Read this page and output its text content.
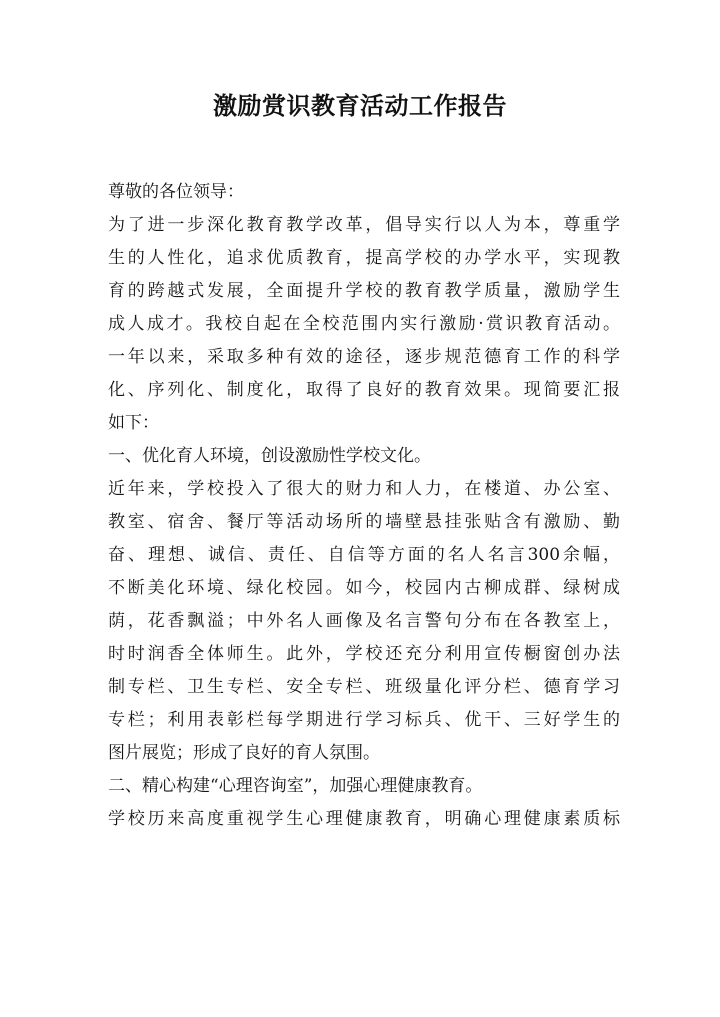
激励赏识教育活动工作报告
尊敬的各位领导：
为了进一步深化教育教学改革，倡导实行以人为本，尊重学
生的人性化，追求优质教育，提高学校的办学水平，实现教
育的跨越式发展，全面提升学校的教育教学质量，激励学生
成人成才。我校自起在全校范围内实行激励·赏识教育活动。
一年以来，采取多种有效的途径，逐步规范德育工作的科学
化、序列化、制度化，取得了良好的教育效果。现简要汇报
如下：
一、优化育人环境，创设激励性学校文化。
近年来，学校投入了很大的财力和人力，在楼道、办公室、
教室、宿舍、餐厅等活动场所的墙壁悬挂张贴含有激励、勤
奋、理想、诚信、责任、自信等方面的名人名言300余幅，
不断美化环境、绿化校园。如今，校园内古柳成群、绿树成
荫，花香飘溢；中外名人画像及名言警句分布在各教室上，
时时润香全体师生。此外，学校还充分利用宣传橱窗创办法
制专栏、卫生专栏、安全专栏、班级量化评分栏、德育学习
专栏；利用表彰栏每学期进行学习标兵、优干、三好学生的
图片展览；形成了良好的育人氛围。
二、精心构建“心理咨询室”，加强心理健康教育。
学校历来高度重视学生心理健康教育，明确心理健康素质标
